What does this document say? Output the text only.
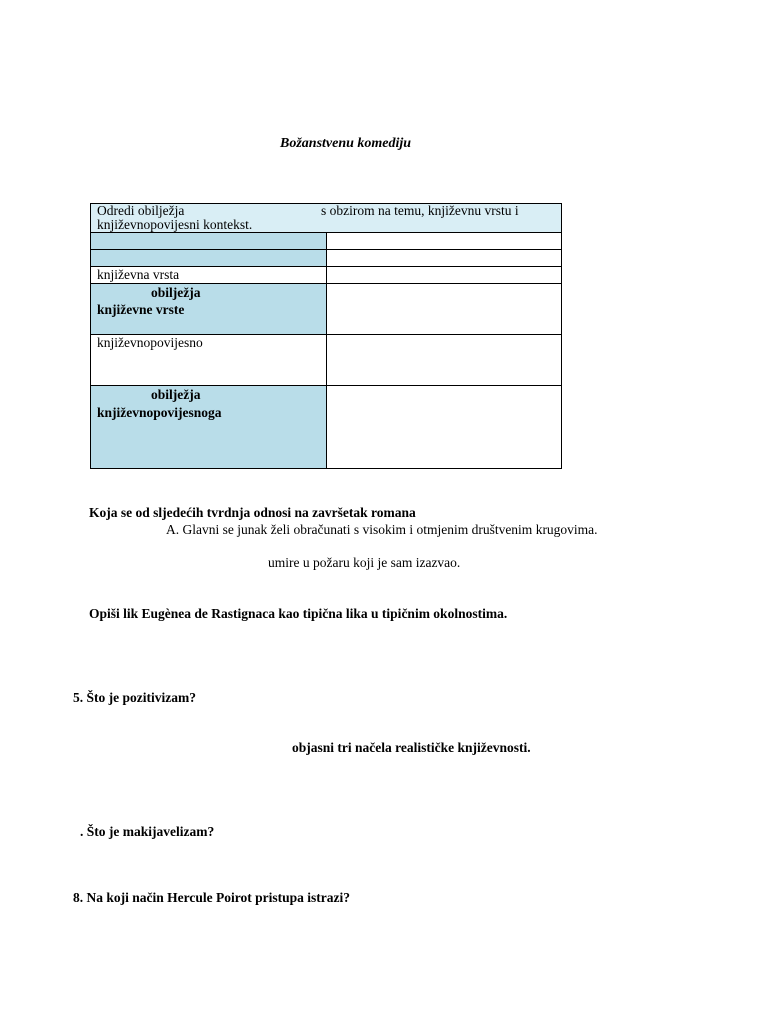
Božanstvenu komediju
Odredi obilježja s obzirom na temu, književnu vrstu i
književnopovijesni kontekst.	

književna vrsta	

obilježja
književne vrste	
književnopovijesno	

obilježja
književnopovijesnoga	
Koja se od sljedećih tvrdnja odnosi na završetak romana
A. Glavni se junak želi obračunati s visokim i otmjenim društvenim krugovima.
umire u požaru koji je sam izazvao.
Opiši lik Eugènea de Rastignaca kao tipična lika u tipičnim okolnostima.
5. Što je pozitivizam?
objasni tri načela realističke književnosti.
. Što je makijavelizam?
8. Na koji način Hercule Poirot pristupa istrazi?
